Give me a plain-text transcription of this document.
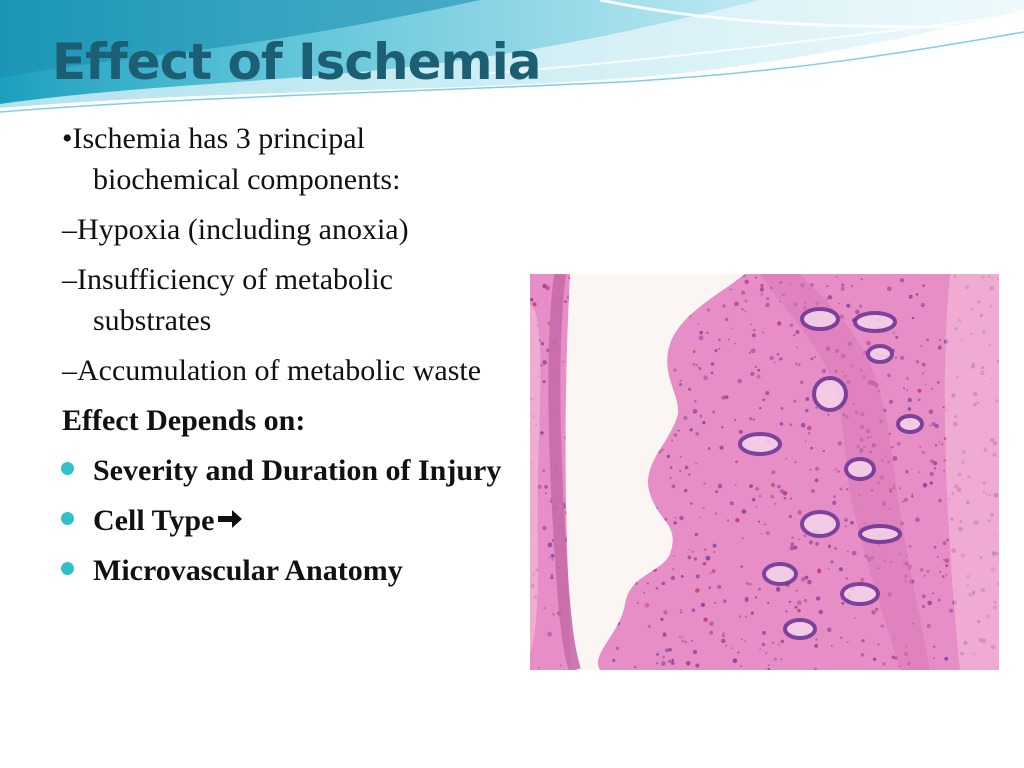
Effect of Ischemia
•Ischemia has 3 principal biochemical components:
–Hypoxia (including anoxia)
–Insufficiency of metabolic substrates
–Accumulation of metabolic waste
Effect Depends on:
Severity and Duration of Injury
Cell Type
Microvascular Anatomy
